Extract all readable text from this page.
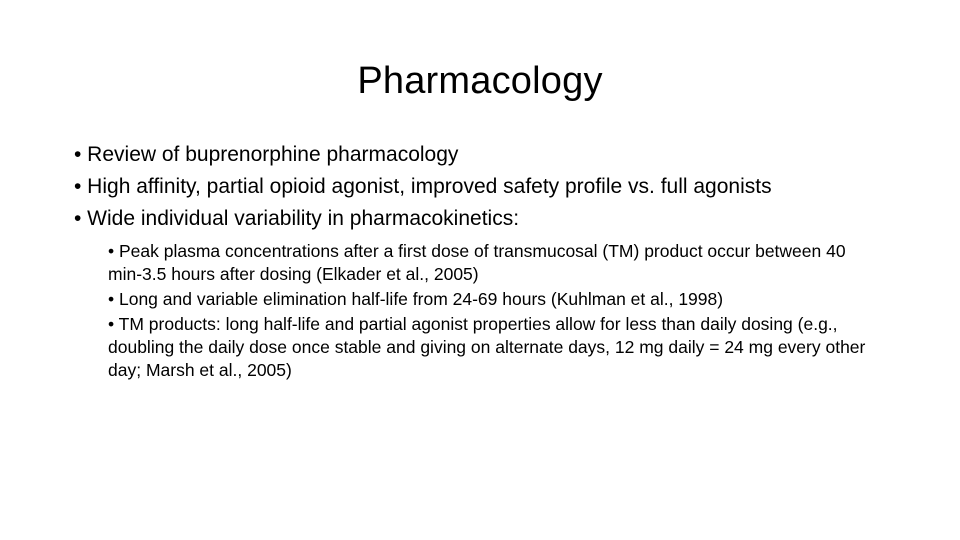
Pharmacology

• Review of buprenorphine pharmacology

• High affinity, partial opioid agonist, improved safety profile vs. full agonists

• Wide individual variability in pharmacokinetics:

• Peak plasma concentrations after a first dose of transmucosal (TM) product occur between 40 min-3.5 hours after dosing (Elkader et al., 2005)

• Long and variable elimination half-life from 24-69 hours (Kuhlman et al., 1998)

• TM products: long half-life and partial agonist properties allow for less than daily dosing (e.g., doubling the daily dose once stable and giving on alternate days, 12 mg daily = 24 mg every other day; Marsh et al., 2005)
